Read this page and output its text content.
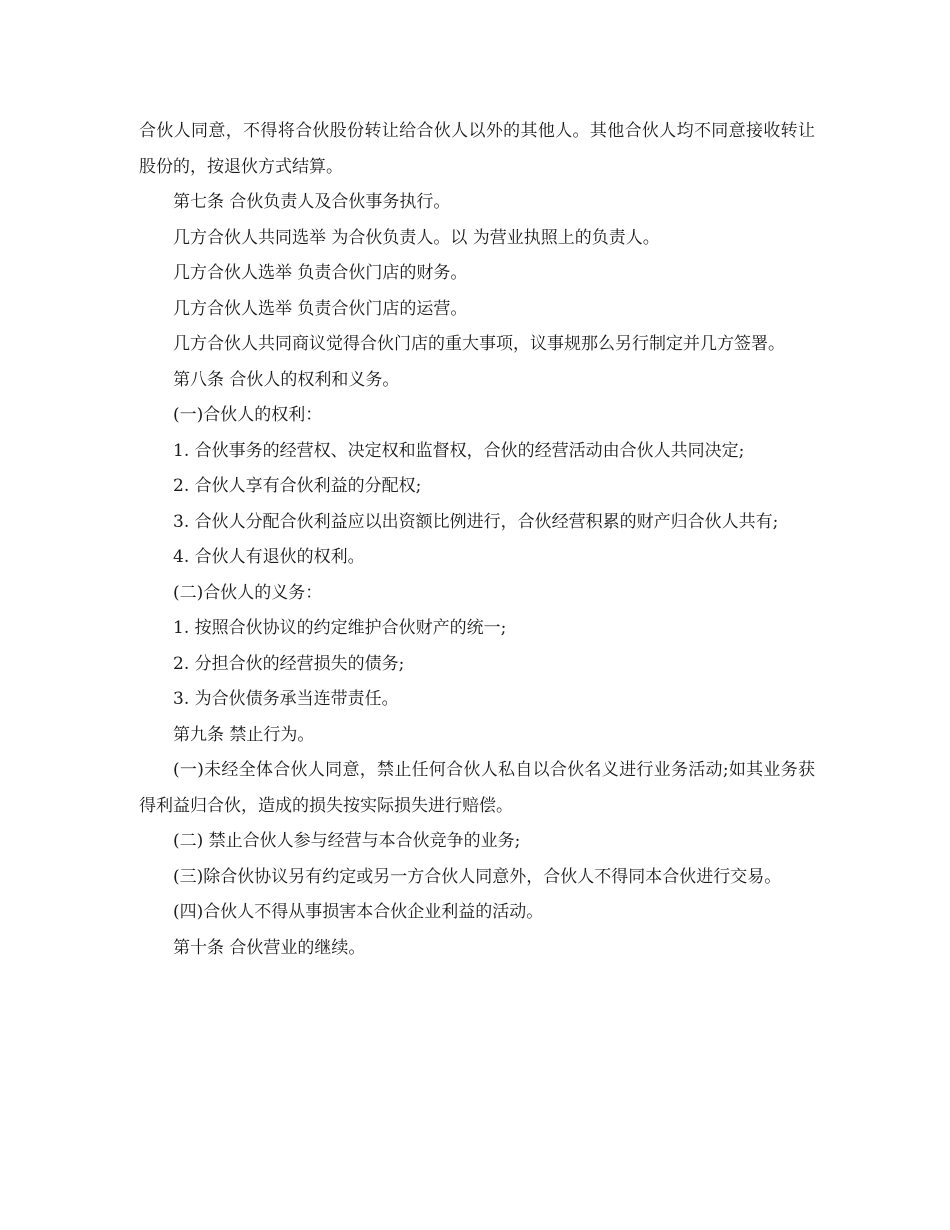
合伙人同意，不得将合伙股份转让给合伙人以外的其他人。其他合伙人均不同意接收转让股份的，按退伙方式结算。

第七条 合伙负责人及合伙事务执行。

几方合伙人共同选举 为合伙负责人。以 为营业执照上的负责人。

几方合伙人选举 负责合伙门店的财务。

几方合伙人选举 负责合伙门店的运营。

几方合伙人共同商议觉得合伙门店的重大事项，议事规那么另行制定并几方签署。

第八条 合伙人的权利和义务。

(一)合伙人的权利：

1. 合伙事务的经营权、决定权和监督权，合伙的经营活动由合伙人共同决定;

2. 合伙人享有合伙利益的分配权;

3. 合伙人分配合伙利益应以出资额比例进行，合伙经营积累的财产归合伙人共有;

4. 合伙人有退伙的权利。

(二)合伙人的义务：

1. 按照合伙协议的约定维护合伙财产的统一;

2. 分担合伙的经营损失的债务;

3. 为合伙债务承当连带责任。

第九条 禁止行为。

(一)未经全体合伙人同意，禁止任何合伙人私自以合伙名义进行业务活动;如其业务获得利益归合伙，造成的损失按实际损失进行赔偿。

(二) 禁止合伙人参与经营与本合伙竞争的业务;

(三)除合伙协议另有约定或另一方合伙人同意外，合伙人不得同本合伙进行交易。

(四)合伙人不得从事损害本合伙企业利益的活动。

第十条 合伙营业的继续。
